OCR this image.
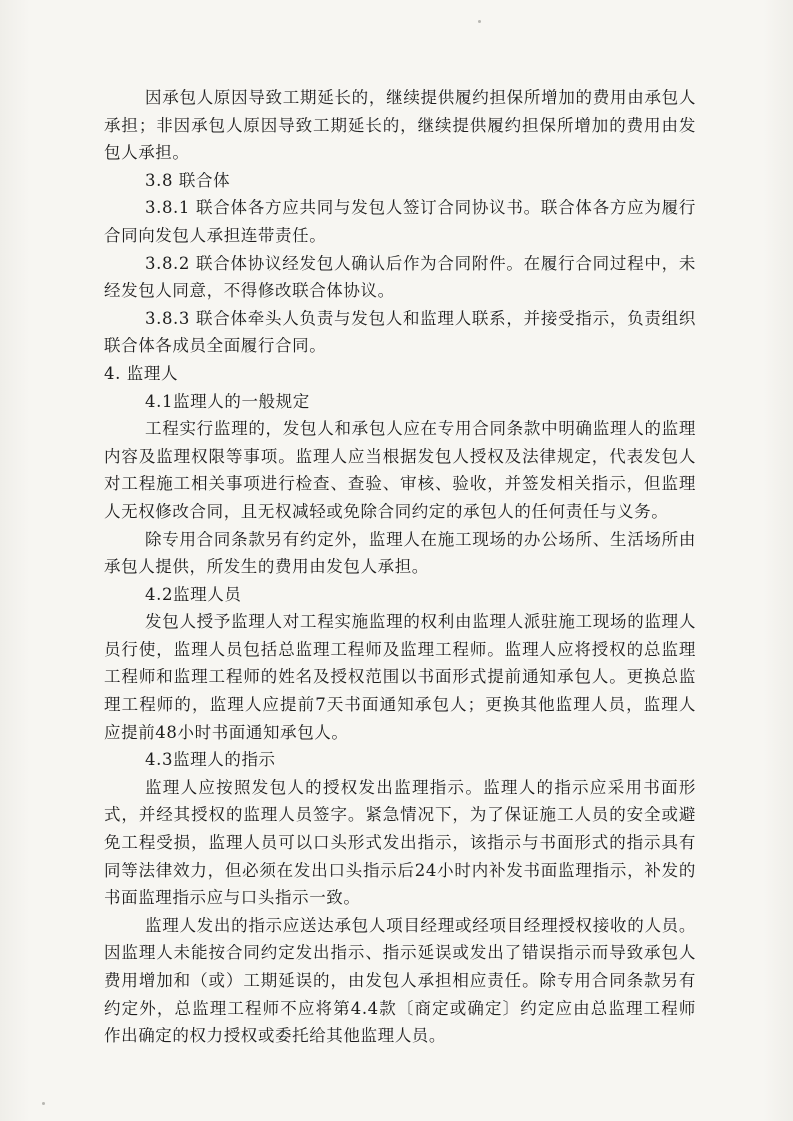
因承包人原因导致工期延长的，继续提供履约担保所增加的费用由承包人承担；非因承包人原因导致工期延长的，继续提供履约担保所增加的费用由发包人承担。

3.8 联合体

3.8.1 联合体各方应共同与发包人签订合同协议书。联合体各方应为履行合同向发包人承担连带责任。

3.8.2 联合体协议经发包人确认后作为合同附件。在履行合同过程中，未经发包人同意，不得修改联合体协议。

3.8.3 联合体牵头人负责与发包人和监理人联系，并接受指示，负责组织联合体各成员全面履行合同。

4. 监理人

4.1监理人的一般规定

工程实行监理的，发包人和承包人应在专用合同条款中明确监理人的监理内容及监理权限等事项。监理人应当根据发包人授权及法律规定，代表发包人对工程施工相关事项进行检查、查验、审核、验收，并签发相关指示，但监理人无权修改合同，且无权减轻或免除合同约定的承包人的任何责任与义务。

除专用合同条款另有约定外，监理人在施工现场的办公场所、生活场所由承包人提供，所发生的费用由发包人承担。

4.2监理人员

发包人授予监理人对工程实施监理的权利由监理人派驻施工现场的监理人员行使，监理人员包括总监理工程师及监理工程师。监理人应将授权的总监理工程师和监理工程师的姓名及授权范围以书面形式提前通知承包人。更换总监理工程师的，监理人应提前7天书面通知承包人；更换其他监理人员，监理人应提前48小时书面通知承包人。

4.3监理人的指示

监理人应按照发包人的授权发出监理指示。监理人的指示应采用书面形式，并经其授权的监理人员签字。紧急情况下，为了保证施工人员的安全或避免工程受损，监理人员可以口头形式发出指示，该指示与书面形式的指示具有同等法律效力，但必须在发出口头指示后24小时内补发书面监理指示，补发的书面监理指示应与口头指示一致。

监理人发出的指示应送达承包人项目经理或经项目经理授权接收的人员。因监理人未能按合同约定发出指示、指示延误或发出了错误指示而导致承包人费用增加和（或）工期延误的，由发包人承担相应责任。除专用合同条款另有约定外，总监理工程师不应将第4.4款〔商定或确定〕约定应由总监理工程师作出确定的权力授权或委托给其他监理人员。
